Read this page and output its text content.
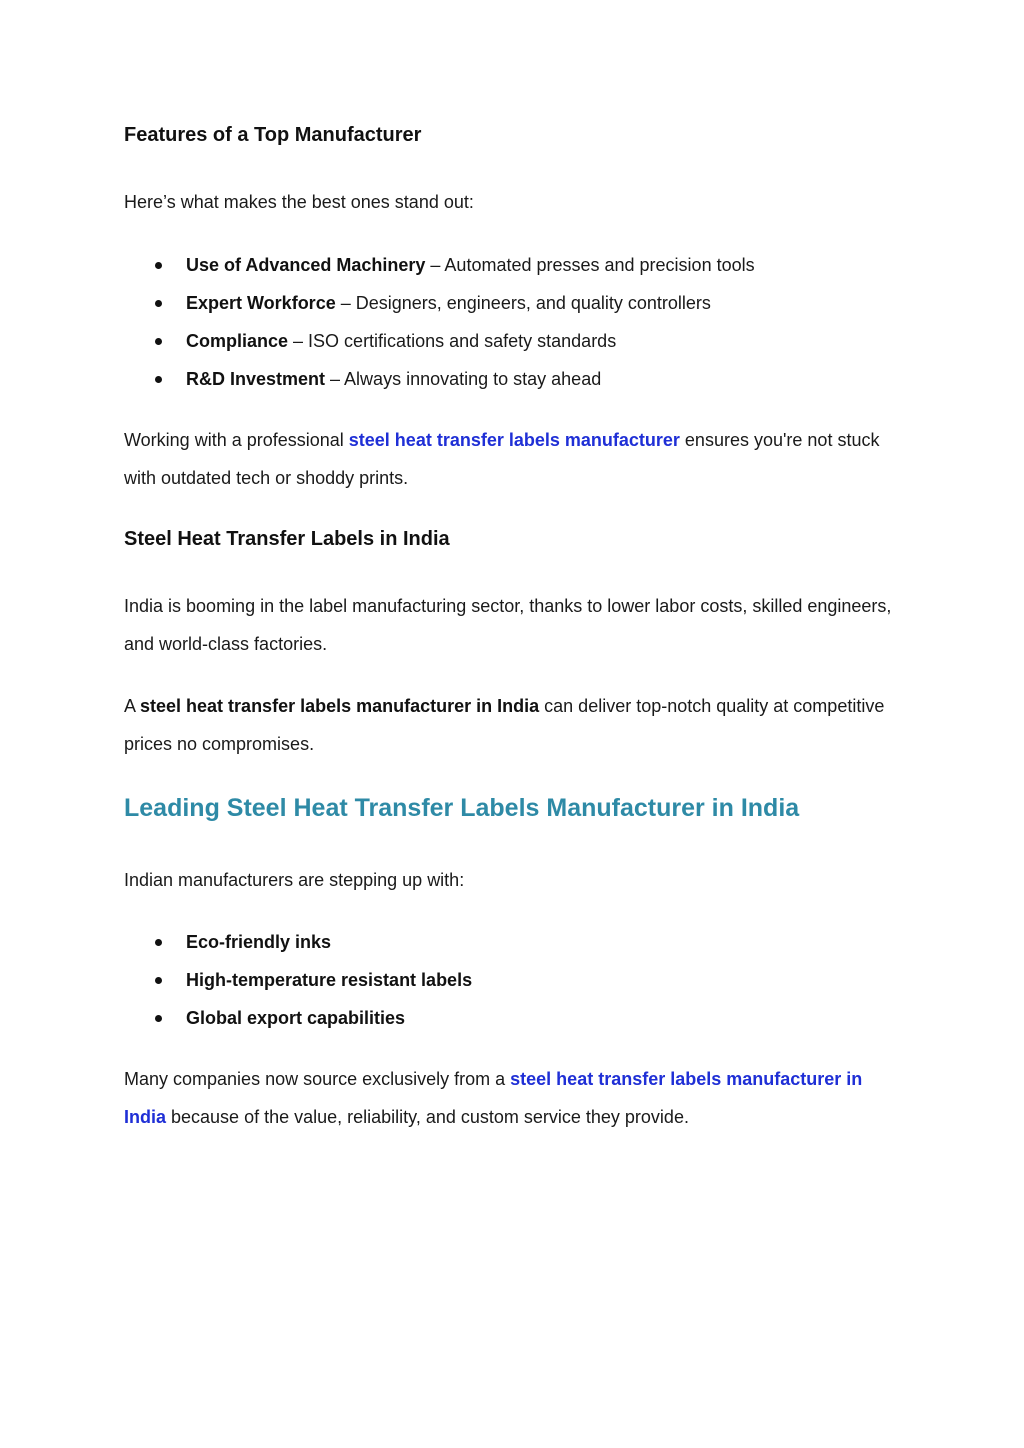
Features of a Top Manufacturer

Here’s what makes the best ones stand out:

Use of Advanced Machinery – Automated presses and precision tools
Expert Workforce – Designers, engineers, and quality controllers
Compliance – ISO certifications and safety standards
R&D Investment – Always innovating to stay ahead

Working with a professional steel heat transfer labels manufacturer ensures you're not stuck with outdated tech or shoddy prints.

Steel Heat Transfer Labels in India

India is booming in the label manufacturing sector, thanks to lower labor costs, skilled engineers, and world-class factories.

A steel heat transfer labels manufacturer in India can deliver top-notch quality at competitive prices no compromises.

Leading Steel Heat Transfer Labels Manufacturer in India

Indian manufacturers are stepping up with:

Eco-friendly inks
High-temperature resistant labels
Global export capabilities

Many companies now source exclusively from a steel heat transfer labels manufacturer in India because of the value, reliability, and custom service they provide.
